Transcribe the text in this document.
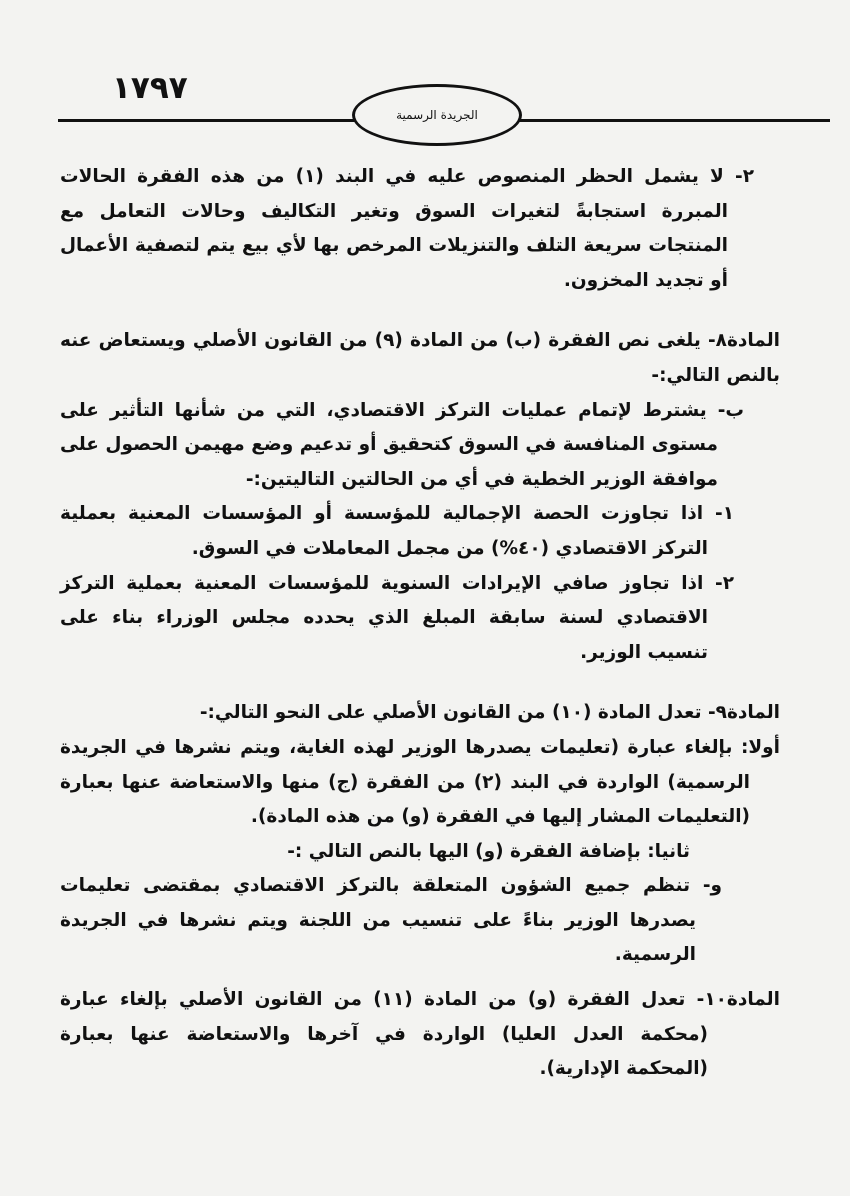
١٧٩٧
الجريدة الرسمية

٢- لا يشمل الحظر المنصوص عليه في البند (١) من هذه الفقرة الحالات المبررة استجابةً لتغيرات السوق وتغير التكاليف وحالات التعامل مع المنتجات سريعة التلف والتنزيلات المرخص بها لأي بيع يتم لتصفية الأعمال أو تجديد المخزون.

المادة٨- يلغى نص الفقرة (ب) من المادة (٩) من القانون الأصلي ويستعاض عنه بالنص التالي:-

ب- يشترط لإتمام عمليات التركز الاقتصادي، التي من شأنها التأثير على مستوى المنافسة في السوق كتحقيق أو تدعيم وضع مهيمن الحصول على موافقة الوزير الخطية في أي من الحالتين التاليتين:-

١- اذا تجاوزت الحصة الإجمالية للمؤسسة أو المؤسسات المعنية بعملية التركز الاقتصادي (٤٠%) من مجمل المعاملات في السوق.

٢- اذا تجاوز صافي الإيرادات السنوية للمؤسسات المعنية بعملية التركز الاقتصادي لسنة سابقة المبلغ الذي يحدده مجلس الوزراء بناء على تنسيب الوزير.

المادة٩- تعدل المادة (١٠) من القانون الأصلي على النحو التالي:-

أولا: بإلغاء عبارة (تعليمات يصدرها الوزير لهذه الغاية، ويتم نشرها في الجريدة الرسمية) الواردة في البند (٢) من الفقرة (ج) منها والاستعاضة عنها بعبارة (التعليمات المشار إليها في الفقرة (و) من هذه المادة).

ثانيا: بإضافة الفقرة (و) اليها بالنص التالي :-

و- تنظم جميع الشؤون المتعلقة بالتركز الاقتصادي بمقتضى تعليمات يصدرها الوزير بناءً على تنسيب من اللجنة ويتم نشرها في الجريدة الرسمية.

المادة١٠- تعدل الفقرة (و) من المادة (١١) من القانون الأصلي بإلغاء عبارة (محكمة العدل العليا) الواردة في آخرها والاستعاضة عنها بعبارة (المحكمة الإدارية).
